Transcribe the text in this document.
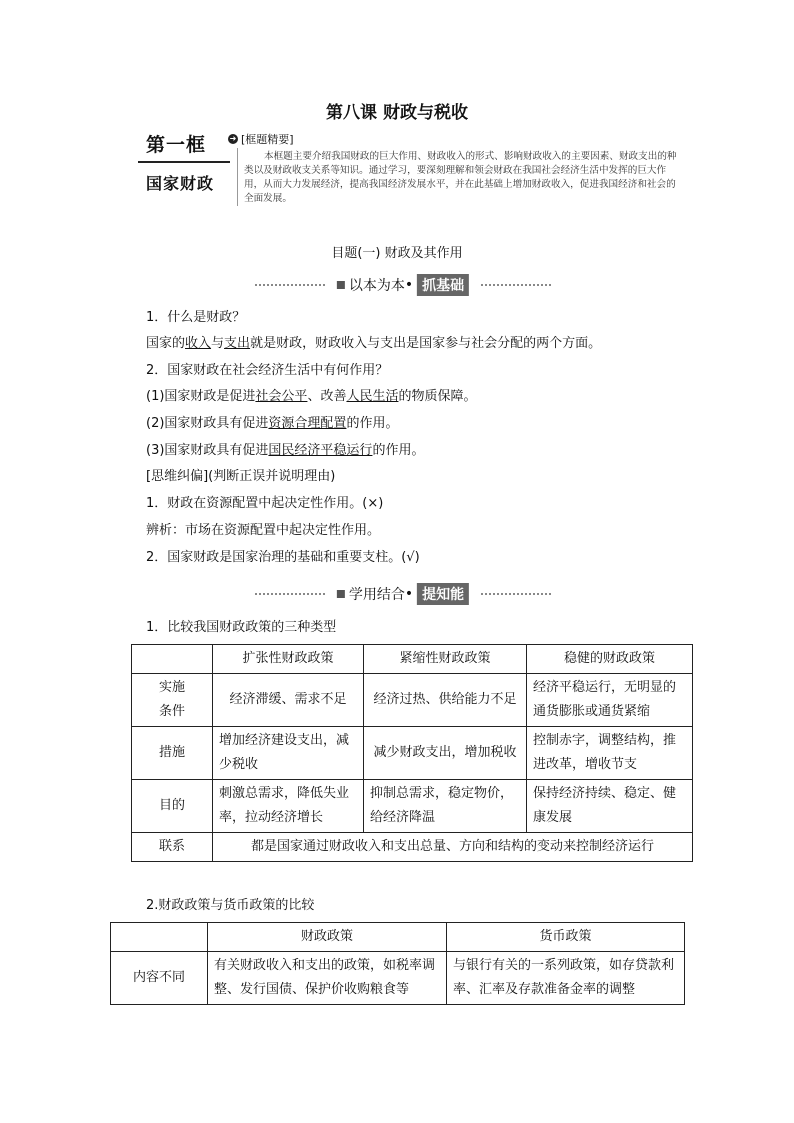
第八课 财政与税收
第一框
国家财政
➜ [框题精要]
本框题主要介绍我国财政的巨大作用、财政收入的形式、影响财政收入的主要因素、财政支出的种类以及财政收支关系等知识。通过学习，要深刻理解和领会财政在我国社会经济生活中发挥的巨大作用，从而大力发展经济，提高我国经济发展水平，并在此基础上增加财政收入，促进我国经济和社会的全面发展。
目题(一) 财政及其作用
以本为本 • 抓基础
1．什么是财政？
国家的收入与支出就是财政，财政收入与支出是国家参与社会分配的两个方面。
2．国家财政在社会经济生活中有何作用？
(1)国家财政是促进社会公平、改善人民生活的物质保障。
(2)国家财政具有促进资源合理配置的作用。
(3)国家财政具有促进国民经济平稳运行的作用。
[思维纠偏](判断正误并说明理由)
1．财政在资源配置中起决定性作用。(×)
辨析：市场在资源配置中起决定性作用。
2．国家财政是国家治理的基础和重要支柱。(√)
学用结合 • 提知能
1．比较我国财政政策的三种类型
	扩张性财政政策	紧缩性财政政策	稳健的财政政策
实施
条件	经济滞缓、需求不足	经济过热、供给能力不足	经济平稳运行，无明显的通货膨胀或通货紧缩
措施	增加经济建设支出，减少税收	减少财政支出，增加税收	控制赤字，调整结构，推进改革，增收节支
目的	刺激总需求，降低失业率，拉动经济增长	抑制总需求，稳定物价，给经济降温	保持经济持续、稳定、健康发展
联系	都是国家通过财政收入和支出总量、方向和结构的变动来控制经济运行		
2.财政政策与货币政策的比较
	财政政策	货币政策
内容不同	有关财政收入和支出的政策，如税率调整、发行国债、保护价收购粮食等	与银行有关的一系列政策，如存贷款利率、汇率及存款准备金率的调整
